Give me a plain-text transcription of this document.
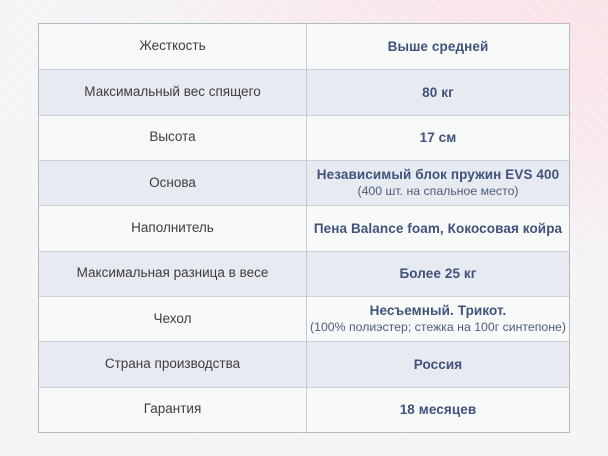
Жесткость	Выше средней
Максимальный вес спящего	80 кг
Высота	17 см
Основа	Независимый блок пружин EVS 400
(400 шт. на спальное место)
Наполнитель	Пена Balance foam, Кокосовая койра
Максимальная разница в весе	Более 25 кг
Чехол	Несъемный. Трикот.
(100% полиэстер; стежка на 100г синтепоне)
Страна производства	Россия
Гарантия	18 месяцев
